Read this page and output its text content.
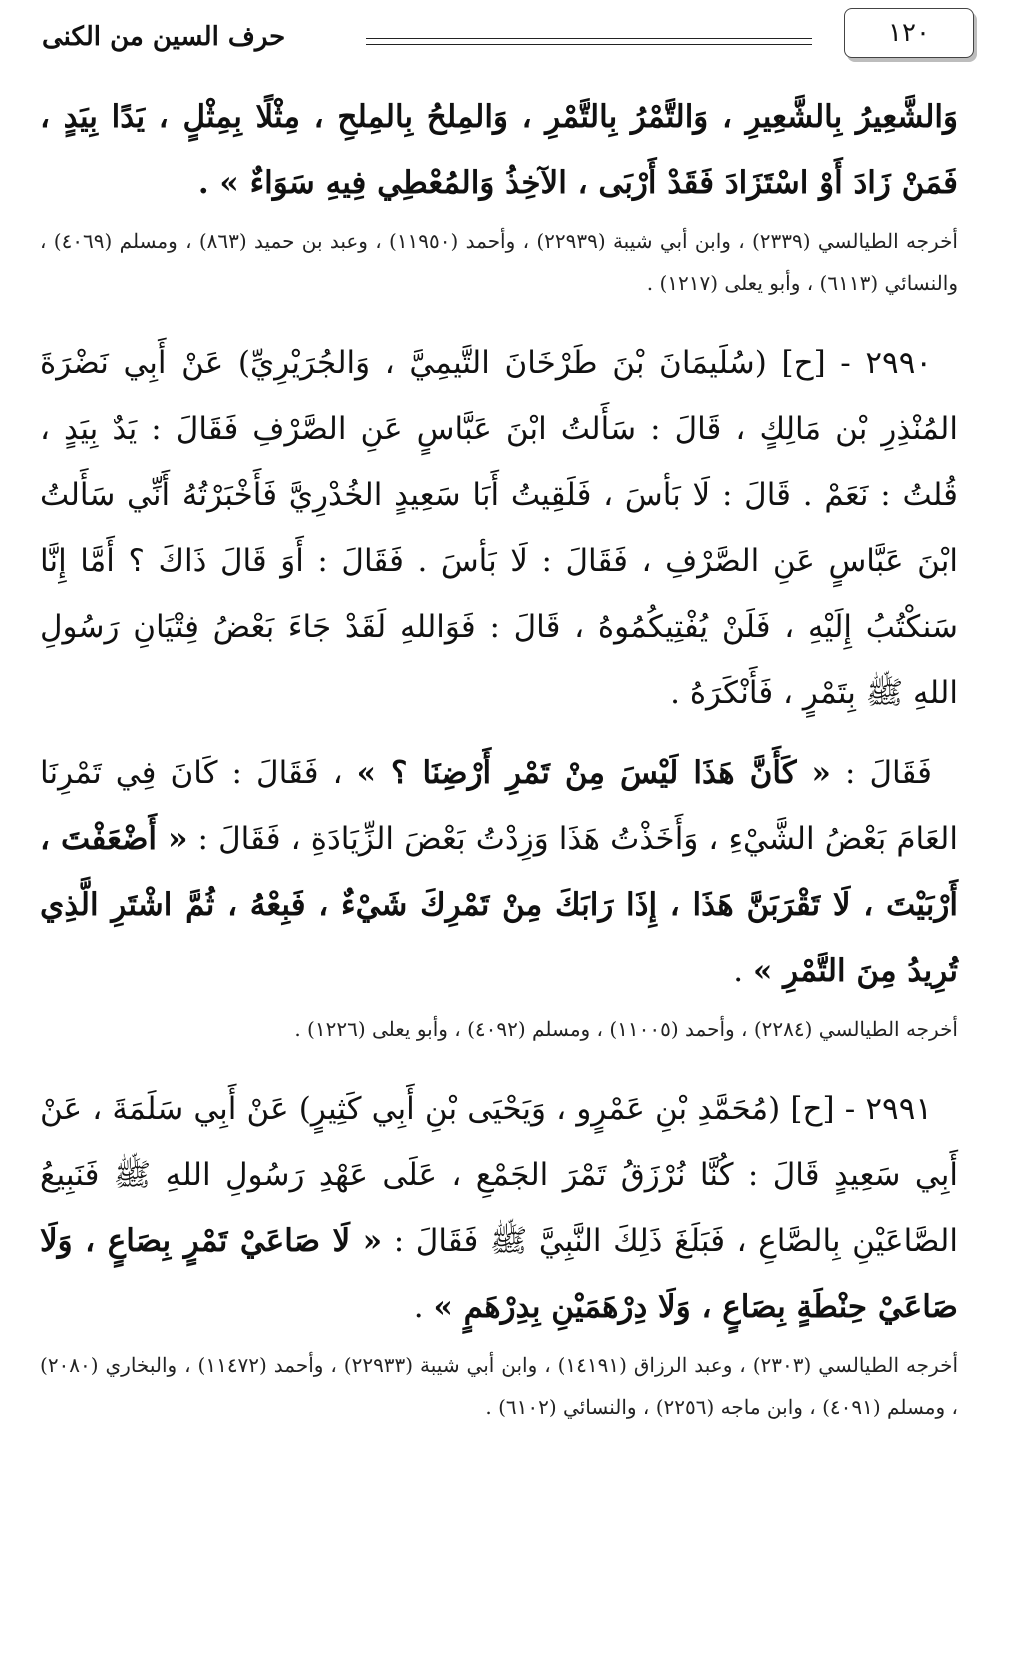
١٢٠
حرف السين من الكنى

وَالشَّعِيرُ بِالشَّعِيرِ ، وَالتَّمْرُ بِالتَّمْرِ ، وَالمِلحُ بِالمِلحِ ، مِثْلًا بِمِثْلٍ ، يَدًا بِيَدٍ ، فَمَنْ زَادَ أَوْ اسْتَزَادَ فَقَدْ أَرْبَى ، الآخِذُ وَالمُعْطِي فِيهِ سَوَاءٌ » .

أخرجه الطيالسي (٢٣٣٩) ، وابن أبي شيبة (٢٢٩٣٩) ، وأحمد (١١٩٥٠) ، وعبد بن حميد (٨٦٣) ، ومسلم (٤٠٦٩) ، والنسائي (٦١١٣) ، وأبو يعلى (١٢١٧) .

٢٩٩٠ - [ح] (سُلَيمَانَ بْنَ طَرْخَانَ التَّيمِيَّ ، وَالجُرَيْرِيِّ) عَنْ أَبِي نَضْرَةَ المُنْذِرِ بْن مَالِكٍ ، قَالَ : سَأَلتُ ابْنَ عَبَّاسٍ عَنِ الصَّرْفِ فَقَالَ : يَدٌ بِيَدٍ ، قُلتُ : نَعَمْ . قَالَ : لَا بَأسَ ، فَلَقِيتُ أَبَا سَعِيدٍ الخُدْرِيَّ فَأَخْبَرْتُهُ أَنِّي سَأَلتُ ابْنَ عَبَّاسٍ عَنِ الصَّرْفِ ، فَقَالَ : لَا بَأسَ . فَقَالَ : أَوَ قَالَ ذَاكَ ؟ أَمَّا إِنَّا سَنكْتُبُ إِلَيْهِ ، فَلَنْ يُفْتِيكُمُوهُ ، قَالَ : فَوَاللهِ لَقَدْ جَاءَ بَعْضُ فِتْيَانِ رَسُولِ اللهِ ﷺ بِتَمْرٍ ، فَأَنْكَرَهُ .

فَقَالَ : « كَأَنَّ هَذَا لَيْسَ مِنْ تَمْرِ أَرْضِنَا ؟ » ، فَقَالَ : كَانَ فِي تَمْرِنَا العَامَ بَعْضُ الشَّيْءِ ، وَأَخَذْتُ هَذَا وَزِدْتُ بَعْضَ الزِّيَادَةِ ، فَقَالَ : « أَضْعَفْتَ ، أَرْبَيْتَ ، لَا تَقْرَبَنَّ هَذَا ، إِذَا رَابَكَ مِنْ تَمْرِكَ شَيْءٌ ، فَبِعْهُ ، ثُمَّ اشْتَرِ الَّذِي تُرِيدُ مِنَ التَّمْرِ » .

أخرجه الطيالسي (٢٢٨٤) ، وأحمد (١١٠٠٥) ، ومسلم (٤٠٩٢) ، وأبو يعلى (١٢٢٦) .

٢٩٩١ - [ح] (مُحَمَّدِ بْنِ عَمْرٍو ، وَيَحْيَى بْنِ أَبِي كَثِيرٍ) عَنْ أَبِي سَلَمَةَ ، عَنْ أَبِي سَعِيدٍ قَالَ : كُنَّا نُرْزَقُ تَمْرَ الجَمْعِ ، عَلَى عَهْدِ رَسُولِ اللهِ ﷺ فَنَبِيعُ الصَّاعَيْنِ بِالصَّاعِ ، فَبَلَغَ ذَلِكَ النَّبِيَّ ﷺ فَقَالَ : « لَا صَاعَيْ تَمْرٍ بِصَاعٍ ، وَلَا صَاعَيْ حِنْطَةٍ بِصَاعٍ ، وَلَا دِرْهَمَيْنِ بِدِرْهَمٍ » .

أخرجه الطيالسي (٢٣٠٣) ، وعبد الرزاق (١٤١٩١) ، وابن أبي شيبة (٢٢٩٣٣) ، وأحمد (١١٤٧٢) ، والبخاري (٢٠٨٠) ، ومسلم (٤٠٩١) ، وابن ماجه (٢٢٥٦) ، والنسائي (٦١٠٢) .
